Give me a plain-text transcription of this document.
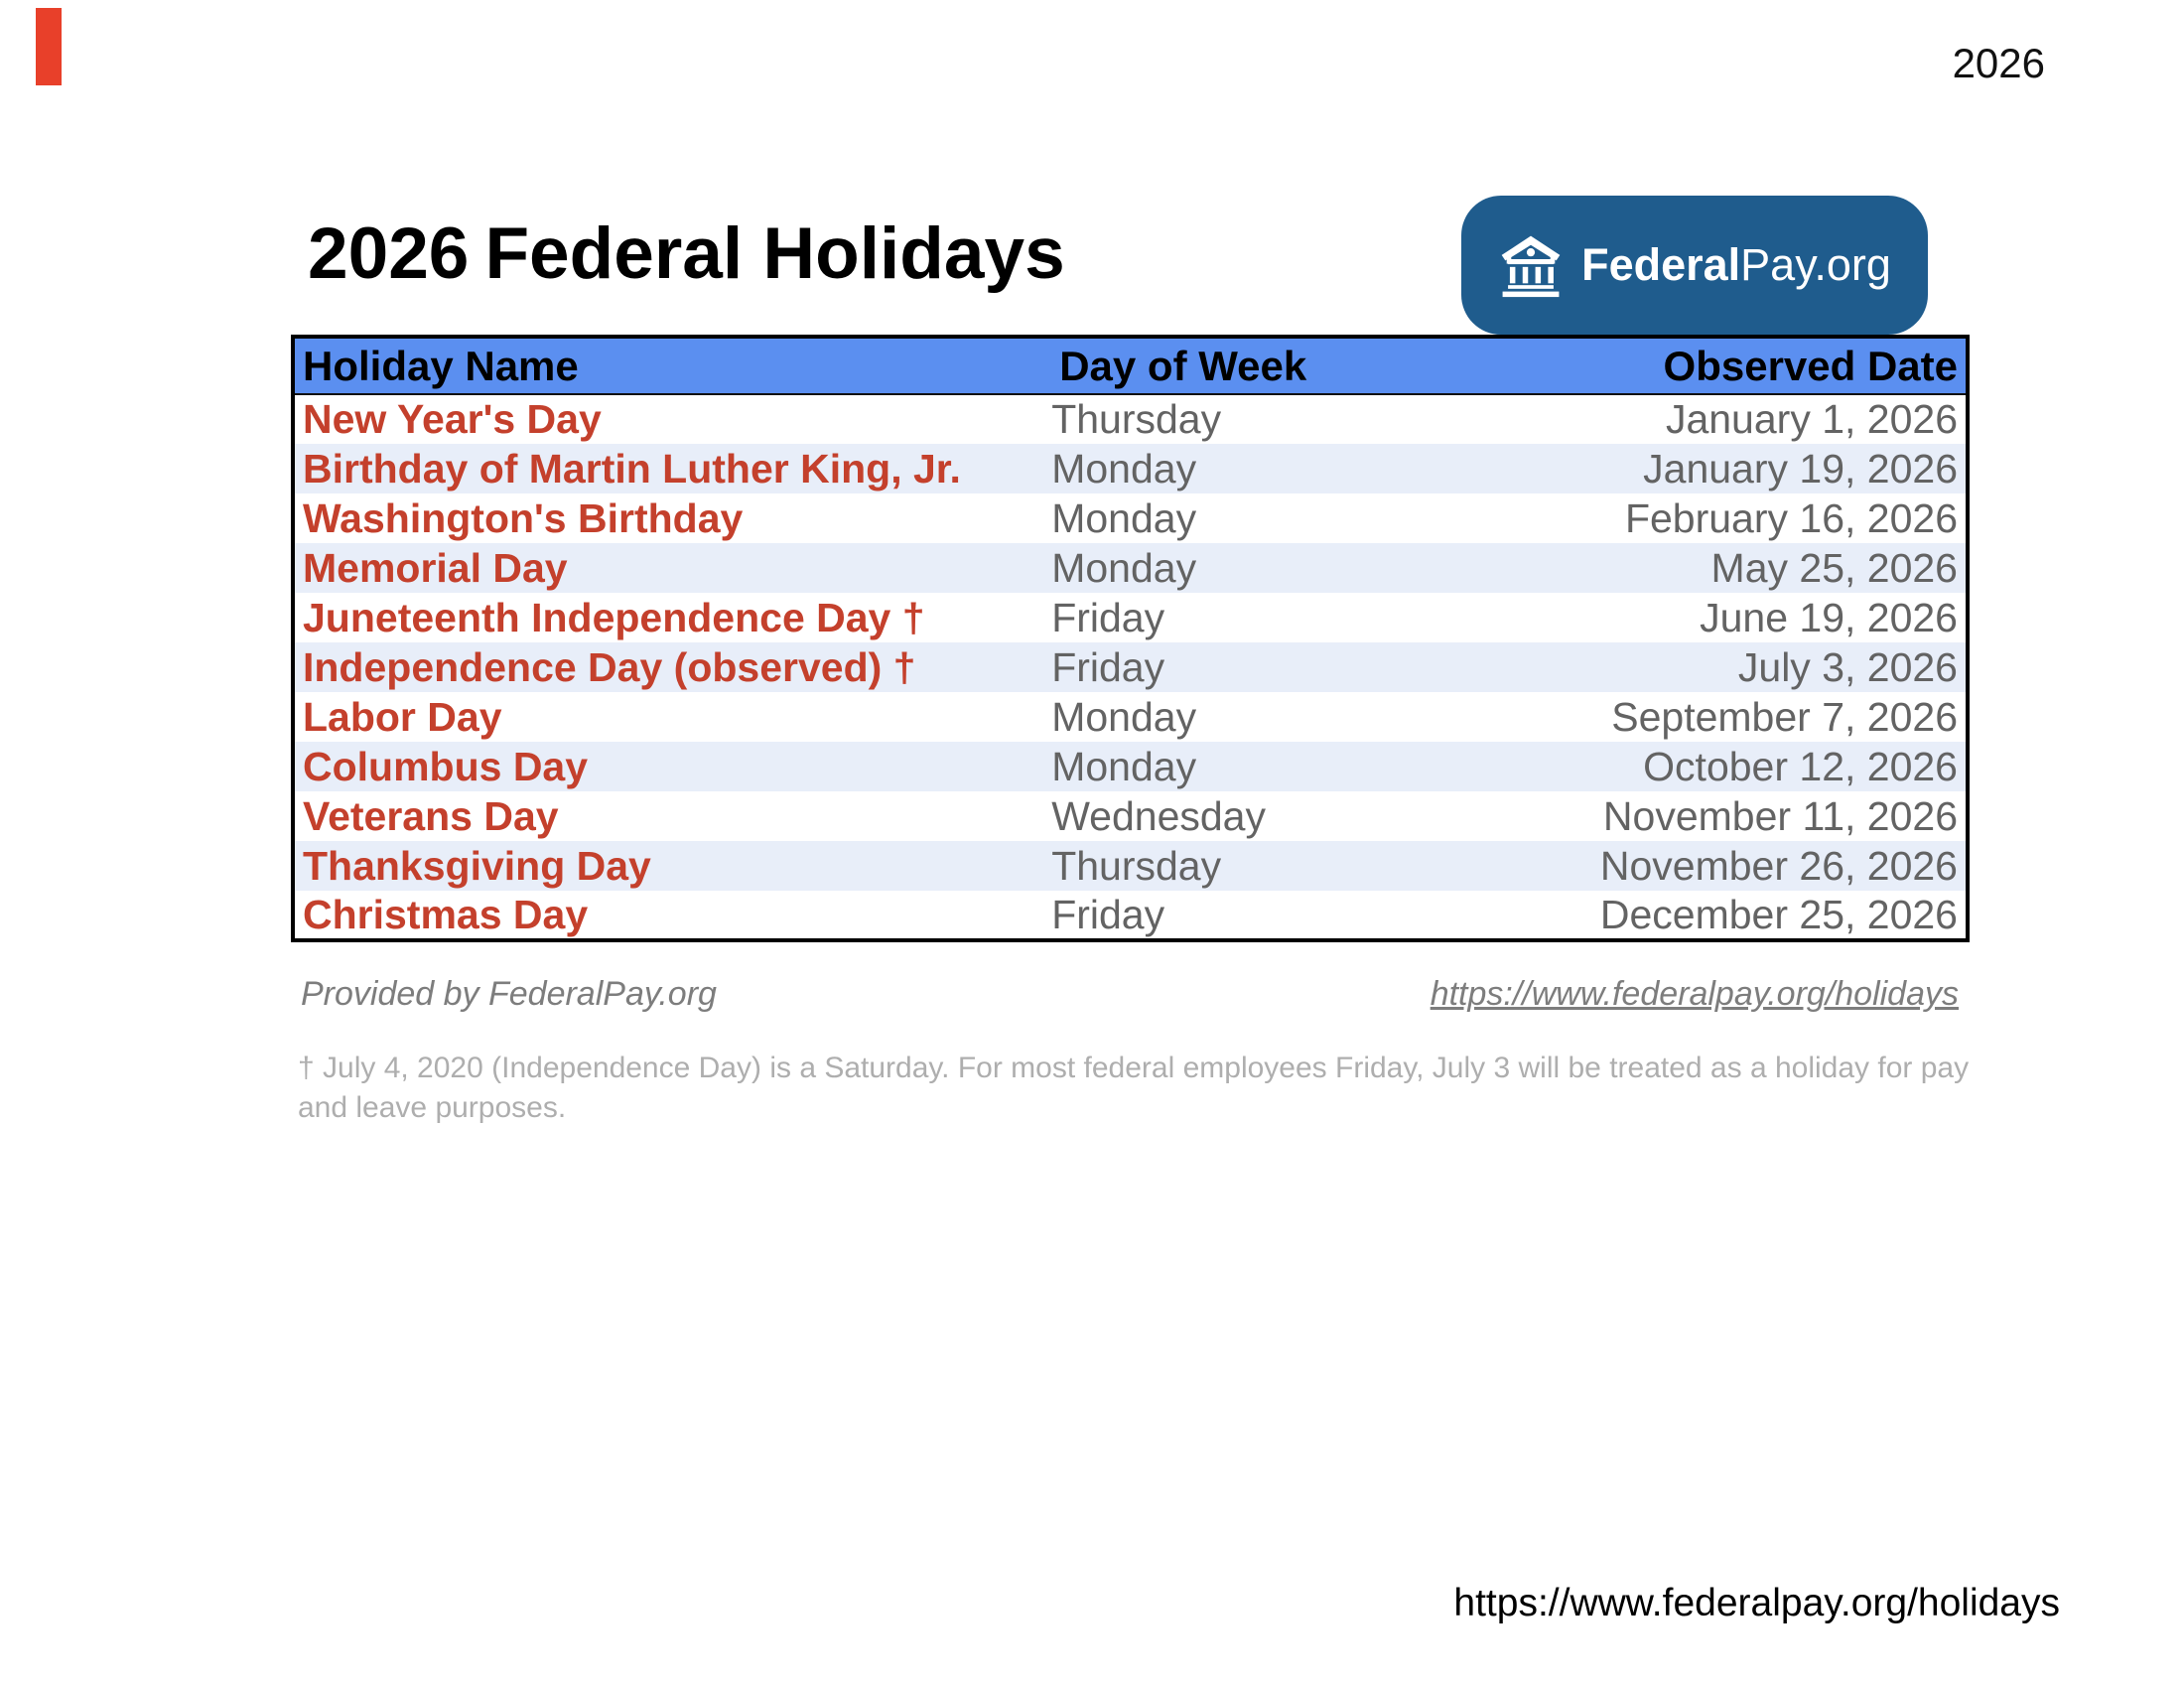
2026
2026 Federal Holidays	FederalPay.org
Holiday Name	Day of Week	Observed Date
New Year's Day	Thursday	January 1, 2026
Birthday of Martin Luther King, Jr.	Monday	January 19, 2026
Washington's Birthday	Monday	February 16, 2026
Memorial Day	Monday	May 25, 2026
Juneteenth Independence Day †	Friday	June 19, 2026
Independence Day (observed) †	Friday	July 3, 2026
Labor Day	Monday	September 7, 2026
Columbus Day	Monday	October 12, 2026
Veterans Day	Wednesday	November 11, 2026
Thanksgiving Day	Thursday	November 26, 2026
Christmas Day	Friday	December 25, 2026
Provided by FederalPay.org	https://www.federalpay.org/holidays
† July 4, 2020 (Independence Day) is a Saturday. For most federal employees Friday, July 3 will be treated as a holiday for pay and leave purposes.
https://www.federalpay.org/holidays
